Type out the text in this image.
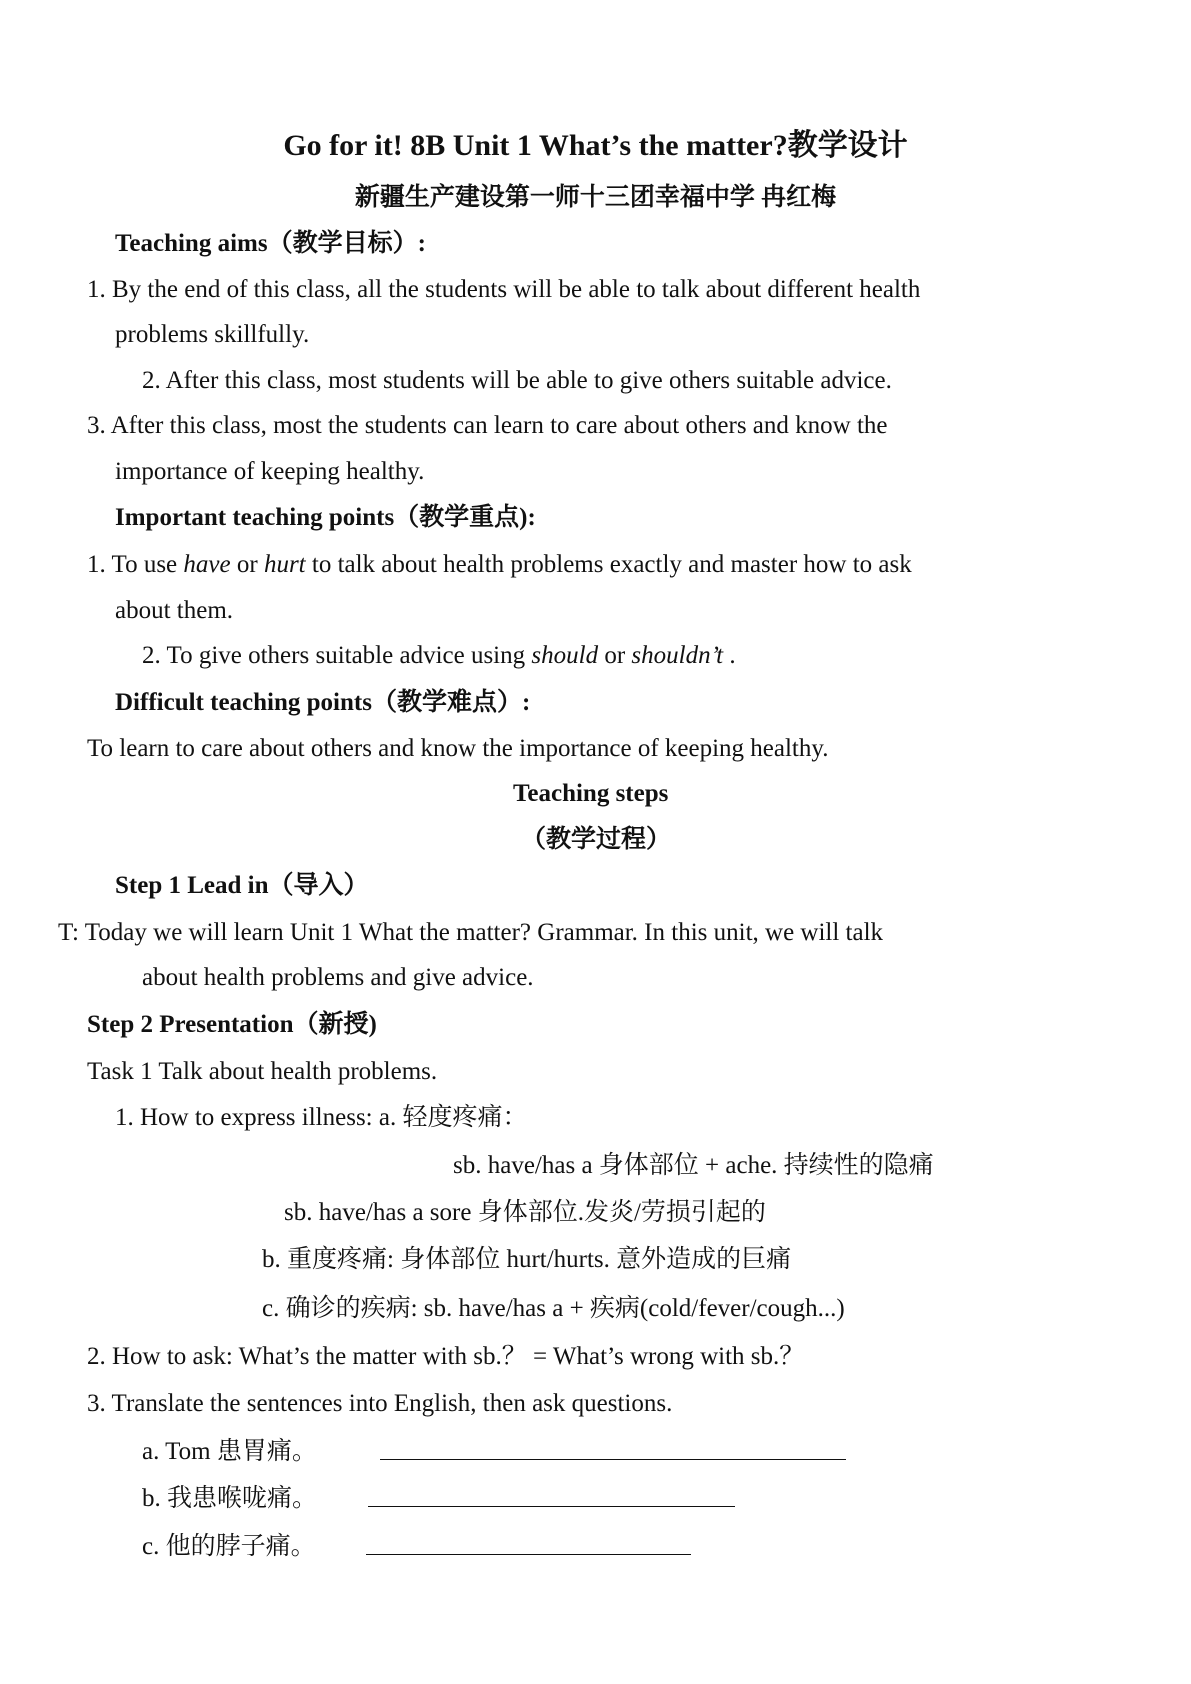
Go for it! 8B Unit 1 What’s the matter?教学设计
新疆生产建设第一师十三团幸福中学 冉红梅
Teaching aims（教学目标）:
1. By the end of this class, all the students will be able to talk about different health
problems skillfully.
2. After this class, most students will be able to give others suitable advice.
3. After this class, most the students can learn to care about others and know the
importance of keeping healthy.
Important teaching points（教学重点):
1. To use have or hurt to talk about health problems exactly and master how to ask
about them.
2. To give others suitable advice using should or shouldn’t .
Difficult teaching points（教学难点）:
To learn to care about others and know the importance of keeping healthy.
Teaching steps
（教学过程）
Step 1 Lead in（导入）
T: Today we will learn Unit 1 What the matter? Grammar. In this unit, we will talk
about health problems and give advice.
Step 2 Presentation（新授)
Task 1 Talk about health problems.
1. How to express illness: a. 轻度疼痛：
sb. have/has a 身体部位 + ache. 持续性的隐痛
sb. have/has a sore 身体部位.发炎/劳损引起的
b. 重度疼痛: 身体部位 hurt/hurts. 意外造成的巨痛
c. 确诊的疾病: sb. have/has a + 疾病(cold/fever/cough...)
2. How to ask: What’s the matter with sb.？ = What’s wrong with sb.？
3. Translate the sentences into English, then ask questions.
a. Tom 患胃痛。
b. 我患喉咙痛。
c. 他的脖子痛。
